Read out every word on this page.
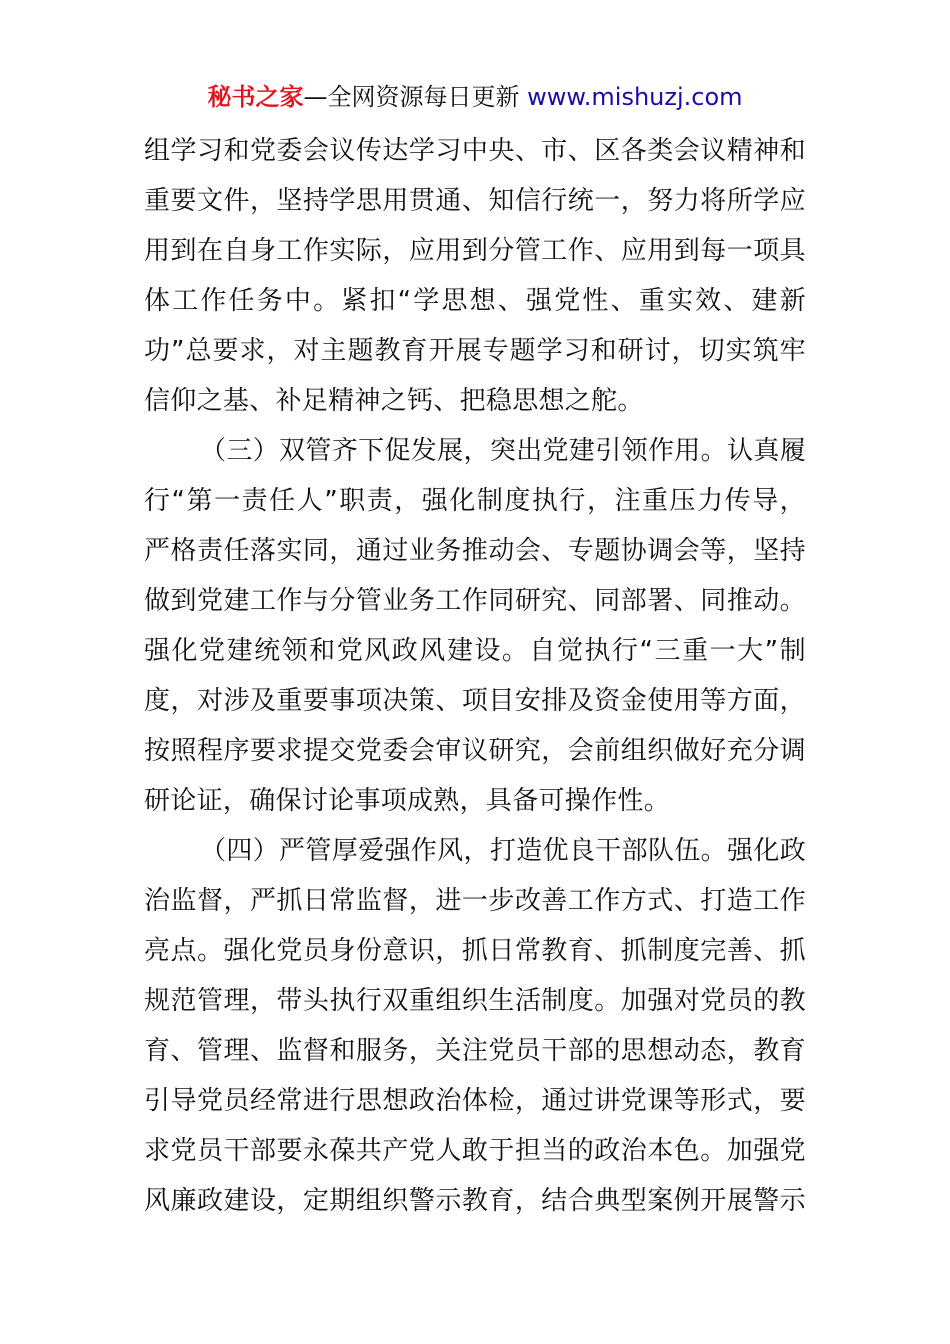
秘书之家—全网资源每日更新 www.mishuzj.com
组学习和党委会议传达学习中央、市、区各类会议精神和
重要文件，坚持学思用贯通、知信行统一，努力将所学应
用到在自身工作实际，应用到分管工作、应用到每一项具
体工作任务中。紧扣“学思想、强党性、重实效、建新
功”总要求，对主题教育开展专题学习和研讨，切实筑牢
信仰之基、补足精神之钙、把稳思想之舵。
（三）双管齐下促发展，突出党建引领作用。认真履
行“第一责任人”职责，强化制度执行，注重压力传导，
严格责任落实同，通过业务推动会、专题协调会等，坚持
做到党建工作与分管业务工作同研究、同部署、同推动。
强化党建统领和党风政风建设。自觉执行“三重一大”制
度，对涉及重要事项决策、项目安排及资金使用等方面，
按照程序要求提交党委会审议研究，会前组织做好充分调
研论证，确保讨论事项成熟，具备可操作性。
（四）严管厚爱强作风，打造优良干部队伍。强化政
治监督，严抓日常监督，进一步改善工作方式、打造工作
亮点。强化党员身份意识，抓日常教育、抓制度完善、抓
规范管理，带头执行双重组织生活制度。加强对党员的教
育、管理、监督和服务，关注党员干部的思想动态，教育
引导党员经常进行思想政治体检，通过讲党课等形式，要
求党员干部要永葆共产党人敢于担当的政治本色。加强党
风廉政建设，定期组织警示教育，结合典型案例开展警示
